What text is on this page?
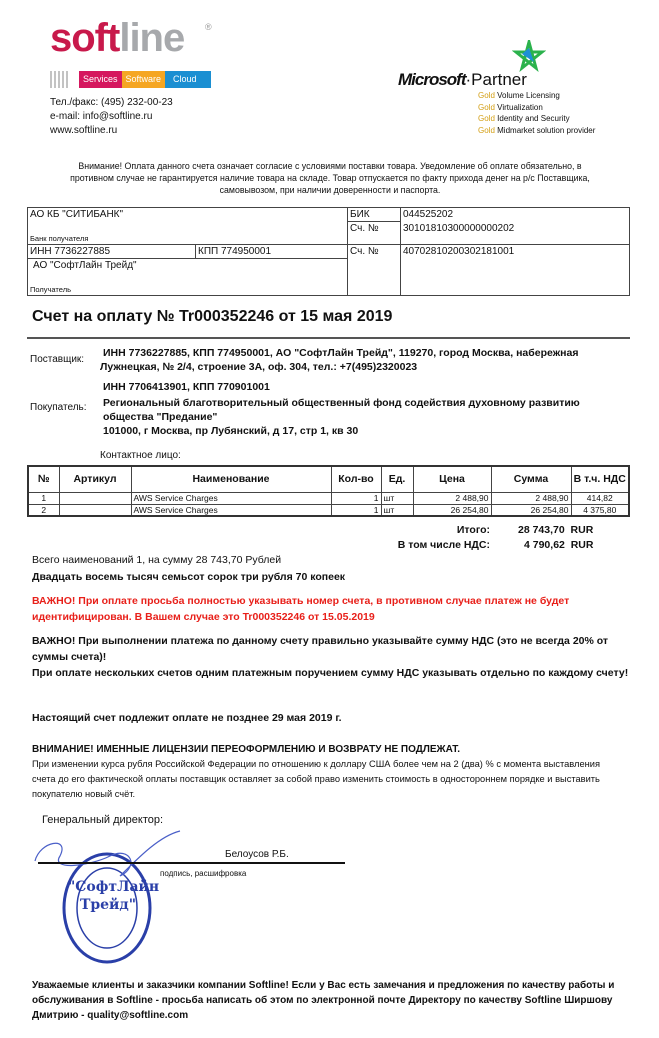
softline ®
Services Software	Cloud
Тел./факс: (495) 232-00-23
e-mail: info@softline.ru
www.softline.ru
Microsoft·Partner
Gold Volume Licensing
Gold Virtualization
Gold Identity and Security
Gold Midmarket solution provider
Внимание! Оплата данного счета означает согласие с условиями поставки товара. Уведомление об оплате обязательно, в противном случае не гарантируется наличие товара на складе. Товар отпускается по факту прихода денег на р/с Поставщика, самовывозом, при наличии доверенности и паспорта.
АО КБ "СИТИБАНК"
Банк получателя		БИК	044525202
		Сч. №	30101810300000000202
ИНН 7736227885	КПП 774950001	Сч. №	40702810200302181001

АО "СофтЛайн Трейд"
Получатель			
Счет на оплату № Tr000352246 от 15 мая 2019
Поставщик:
ИНН 7736227885, КПП 774950001, АО "СофтЛайн Трейд", 119270, город Москва, набережная
Лужнецкая, № 2/4, строение 3А, оф. 304, тел.: +7(495)2320023
Покупатель:
ИНН 7706413901, КПП 770901001
Региональный благотворительный общественный фонд содействия духовному развитию общества "Предание"
101000, г Москва, пр Лубянский, д 17, стр 1, кв 30
Контактное лицо:
№	Артикул	Наименование	Кол-во	Ед.	Цена	Сумма	В т.ч. НДС
1		AWS Service Charges	1	шт	2 488,90	2 488,90	414,82
2		AWS Service Charges	1	шт	26 254,80	26 254,80	4 375,80
Итого:	28 743,70  RUR
В том числе НДС:	4 790,62  RUR
Всего наименований 1, на сумму 28 743,70 Рублей
Двадцать восемь тысяч семьсот сорок три рубля 70 копеек
ВАЖНО! При оплате просьба полностью указывать номер счета, в противном случае платеж не будет идентифицирован. В Вашем случае это Tr000352246 от 15.05.2019
ВАЖНО! При выполнении платежа по данному счету правильно указывайте сумму НДС (это не всегда 20% от суммы счета)!
При оплате нескольких счетов одним платежным поручением сумму НДС указывать отдельно по каждому счету!
Настоящий счет подлежит оплате не позднее 29 мая 2019 г.
ВНИМАНИЕ! ИМЕННЫЕ ЛИЦЕНЗИИ ПЕРЕОФОРМЛЕНИЮ И ВОЗВРАТУ НЕ ПОДЛЕЖАТ.
При изменении курса рубля Российской Федерации по отношению к доллару США более чем на 2 (два) % с момента выставления счета до его фактической оплаты поставщик оставляет за собой право изменить стоимость в одностороннем порядке и выставить покупателю новый счёт.
Генеральный директор:
"СофтЛайн Трейд"
Белоусов Р.Б.
подпись, расшифровка
Уважаемые клиенты и заказчики компании Softline! Если у Вас есть замечания и предложения по качеству работы и обслуживания в Softline - просьба написать об этом по электронной почте Директору по качеству Softline Ширшову Дмитрию - quality@softline.com
